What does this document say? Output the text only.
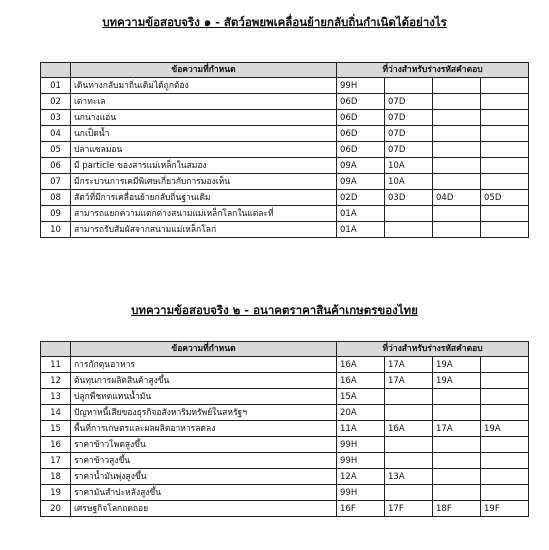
บทความข้อสอบจริง ๑ - สัตว์อพยพเคลื่อนย้ายกลับถิ่นกำเนิดได้อย่างไร
	ข้อความที่กำหนด	ที่ว่างสำหรับร่างรหัสคำตอบ			
01	เดินทางกลับมาถิ่นเดิมได้ถูกต้อง	99H			
02	เต่าทะเล	06D	07D		
03	นกนางแอ่น	06D	07D		
04	นกเป็ดน้ำ	06D	07D		
05	ปลาแซลมอน	06D	07D		
06	มี particle ของสารแม่เหล็กในสมอง	09A	10A		
07	มีกระบวนการเคมีพิเศษเกี่ยวกับการมองเห็น	09A	10A		
08	สัตว์ที่มีการเคลื่อนย้ายกลับถิ่นฐานเดิม	02D	03D	04D	05D
09	สามารถแยกความแตกต่างสนามแม่เหล็กโลกในแต่ละที่	01A			
10	สามารถรับสัมผัสจากสนามแม่เหล็กโลก	01A			
บทความข้อสอบจริง ๒ - อนาคตราคาสินค้าเกษตรของไทย
	ข้อความที่กำหนด	ที่ว่างสำหรับร่างรหัสคำตอบ			
11	การกักตุนอาหาร	16A	17A	19A	
12	ต้นทุนการผลิตสินค้าสูงขึ้น	16A	17A	19A	
13	ปลูกพืชทดแทนน้ำมัน	15A			
14	ปัญหาหนี้เสียของธุรกิจอสังหาริมทรัพย์ในสหรัฐฯ	20A			
15	พื้นที่การเกษตรและผลผลิตอาหารลดลง	11A	16A	17A	19A
16	ราคาข้าวโพดสูงขึ้น	99H			
17	ราคาข้าวสูงขึ้น	99H			
18	ราคาน้ำมันพุ่งสูงขึ้น	12A	13A		
19	ราคามันสำปะหลังสูงขึ้น	99H			
20	เศรษฐกิจโลกถดถอย	16F	17F	18F	19F
